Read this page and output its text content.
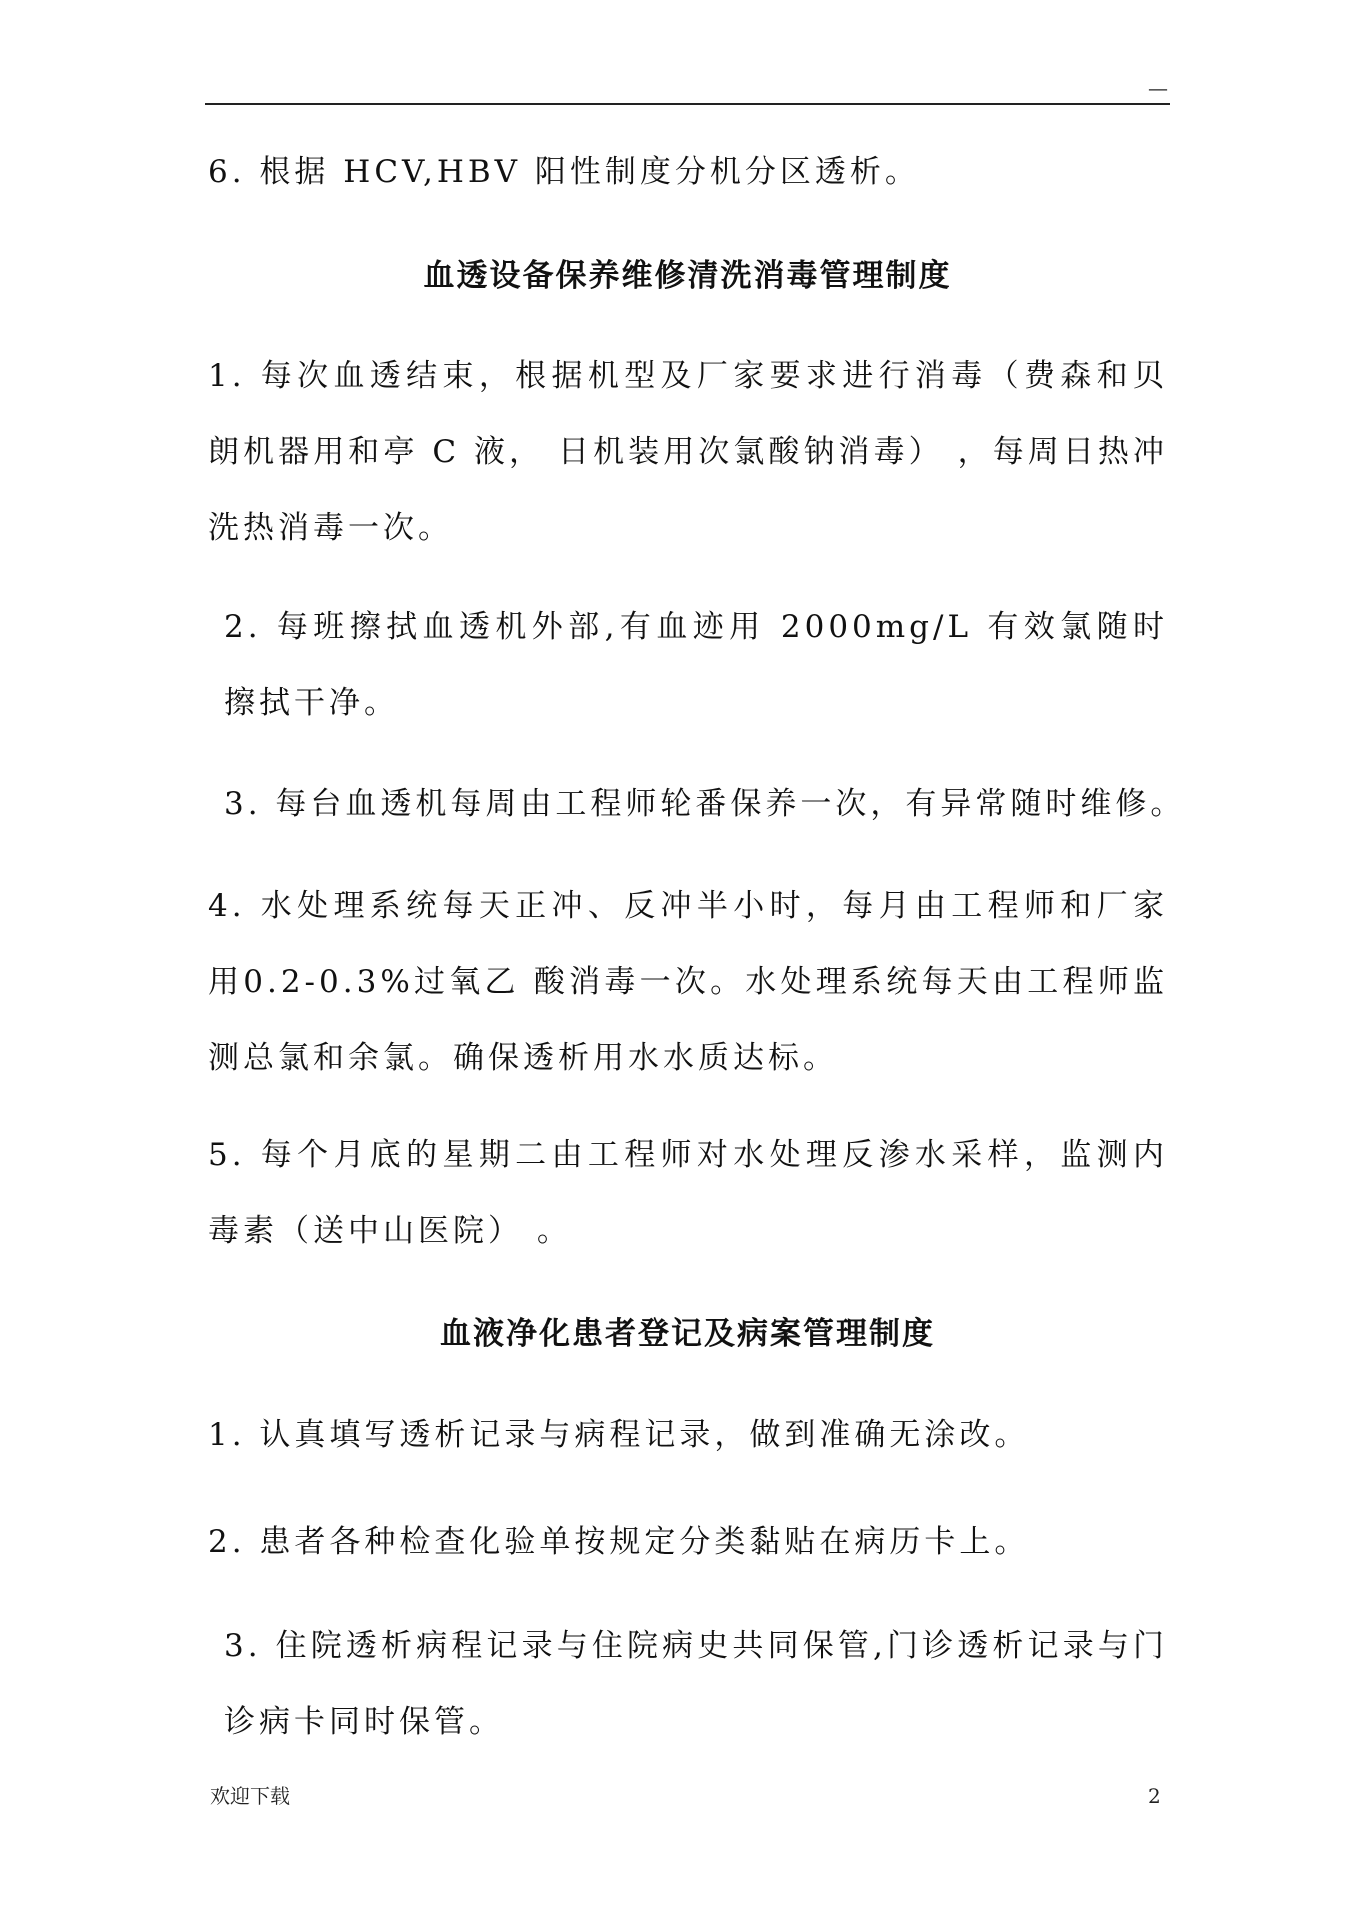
—
6. 根据 HCV,HBV 阳性制度分机分区透析。
血透设备保养维修清洗消毒管理制度
1. 每次血透结束，根据机型及厂家要求进行消毒（费森和贝朗机器用和亭 C 液， 日机装用次氯酸钠消毒） ，每周日热冲洗热消毒一次。
2. 每班擦拭血透机外部,有血迹用 2000mg/L 有效氯随时擦拭干净。
3. 每台血透机每周由工程师轮番保养一次，有异常随时维修。
4. 水处理系统每天正冲、反冲半小时，每月由工程师和厂家用0.2-0.3%过氧乙 酸消毒一次。水处理系统每天由工程师监测总氯和余氯。确保透析用水水质达标。
5. 每个月底的星期二由工程师对水处理反渗水采样，监测内毒素（送中山医院） 。
血液净化患者登记及病案管理制度
1. 认真填写透析记录与病程记录，做到准确无涂改。
2. 患者各种检查化验单按规定分类黏贴在病历卡上。
3. 住院透析病程记录与住院病史共同保管,门诊透析记录与门诊病卡同时保管。
欢迎下载	2
